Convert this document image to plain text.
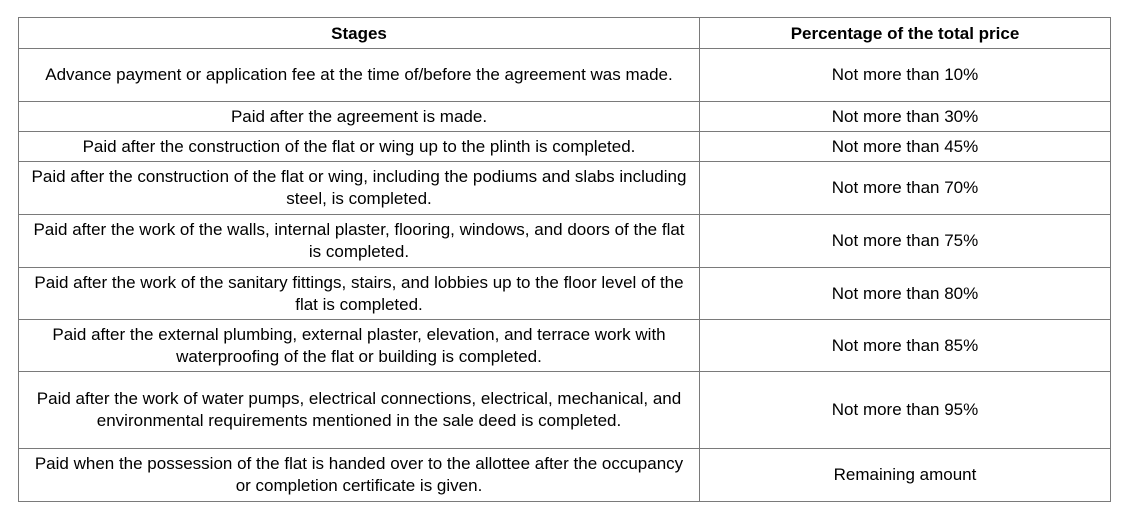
Stages	Percentage of the total price
Advance payment or application fee at the time of/before the agreement was made.	Not more than 10%
Paid after the agreement is made.	Not more than 30%
Paid after the construction of the flat or wing up to the plinth is completed.	Not more than 45%
Paid after the construction of the flat or wing, including the podiums and slabs including steel, is completed.	Not more than 70%
Paid after the work of the walls, internal plaster, flooring, windows, and doors of the flat is completed.	Not more than 75%
Paid after the work of the sanitary fittings, stairs, and lobbies up to the floor level of the flat is completed.	Not more than 80%
Paid after the external plumbing, external plaster, elevation, and terrace work with waterproofing of the flat or building is completed.	Not more than 85%
Paid after the work of water pumps, electrical connections, electrical, mechanical, and environmental requirements mentioned in the sale deed is completed.	Not more than 95%
Paid when the possession of the flat is handed over to the allottee after the occupancy or completion certificate is given.	Remaining amount
